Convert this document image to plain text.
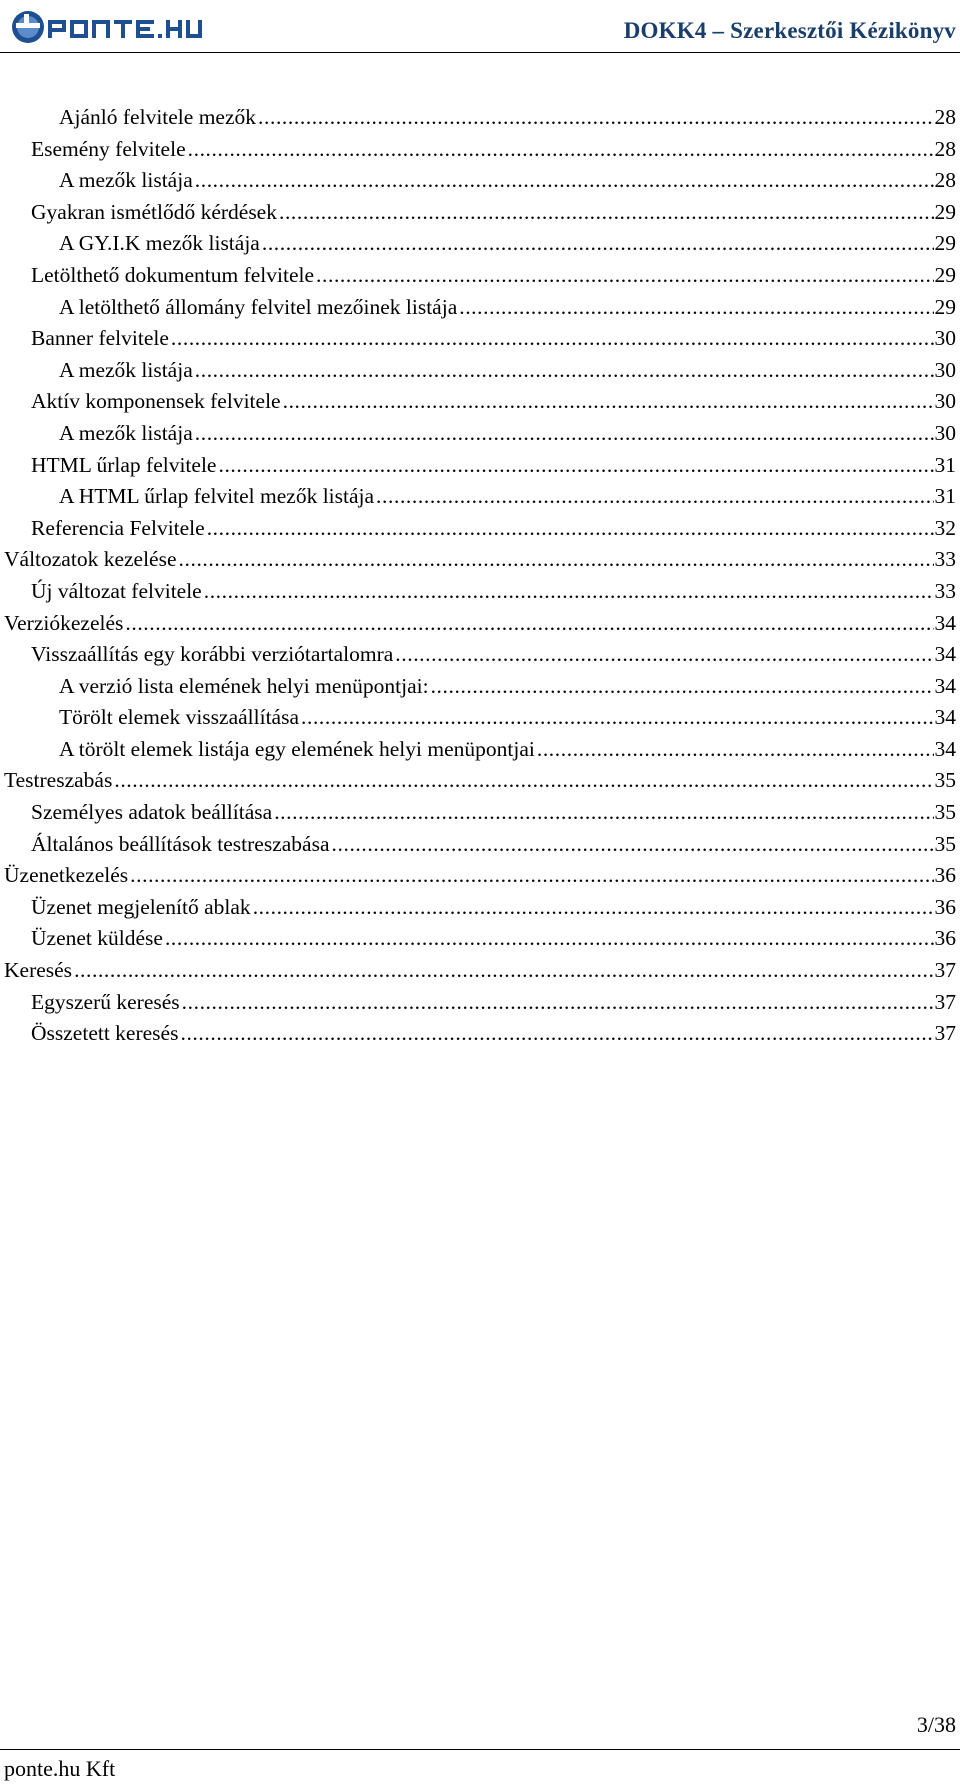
DOKK4 – Szerkesztői Kézikönyv
Ajánló felvitele mezők .....	28
Esemény felvitele .....	28
A mezők listája .....	28
Gyakran ismétlődő kérdések .....	29
A GY.I.K mezők listája .....	29
Letölthető dokumentum felvitele .....	29
A letölthető állomány felvitel mezőinek listája .....	29
Banner felvitele .....	30
A mezők listája .....	30
Aktív komponensek felvitele .....	30
A mezők listája .....	30
HTML űrlap felvitele .....	31
A HTML űrlap felvitel mezők listája .....	31
Referencia Felvitele .....	32
Változatok kezelése .....	33
Új változat felvitele .....	33
Verziókezelés .....	34
Visszaállítás egy korábbi verziótartalomra .....	34
A verzió lista elemének helyi menüpontjai: .....	34
Törölt elemek visszaállítása .....	34
A törölt elemek listája egy elemének helyi menüpontjai .....	34
Testreszabás .....	35
Személyes adatok beállítása .....	35
Általános beállítások testreszabása .....	35
Üzenetkezelés .....	36
Üzenet megjelenítő ablak .....	36
Üzenet küldése .....	36
Keresés .....	37
Egyszerű keresés .....	37
Összetett keresés .....	37
3/38
ponte.hu Kft
